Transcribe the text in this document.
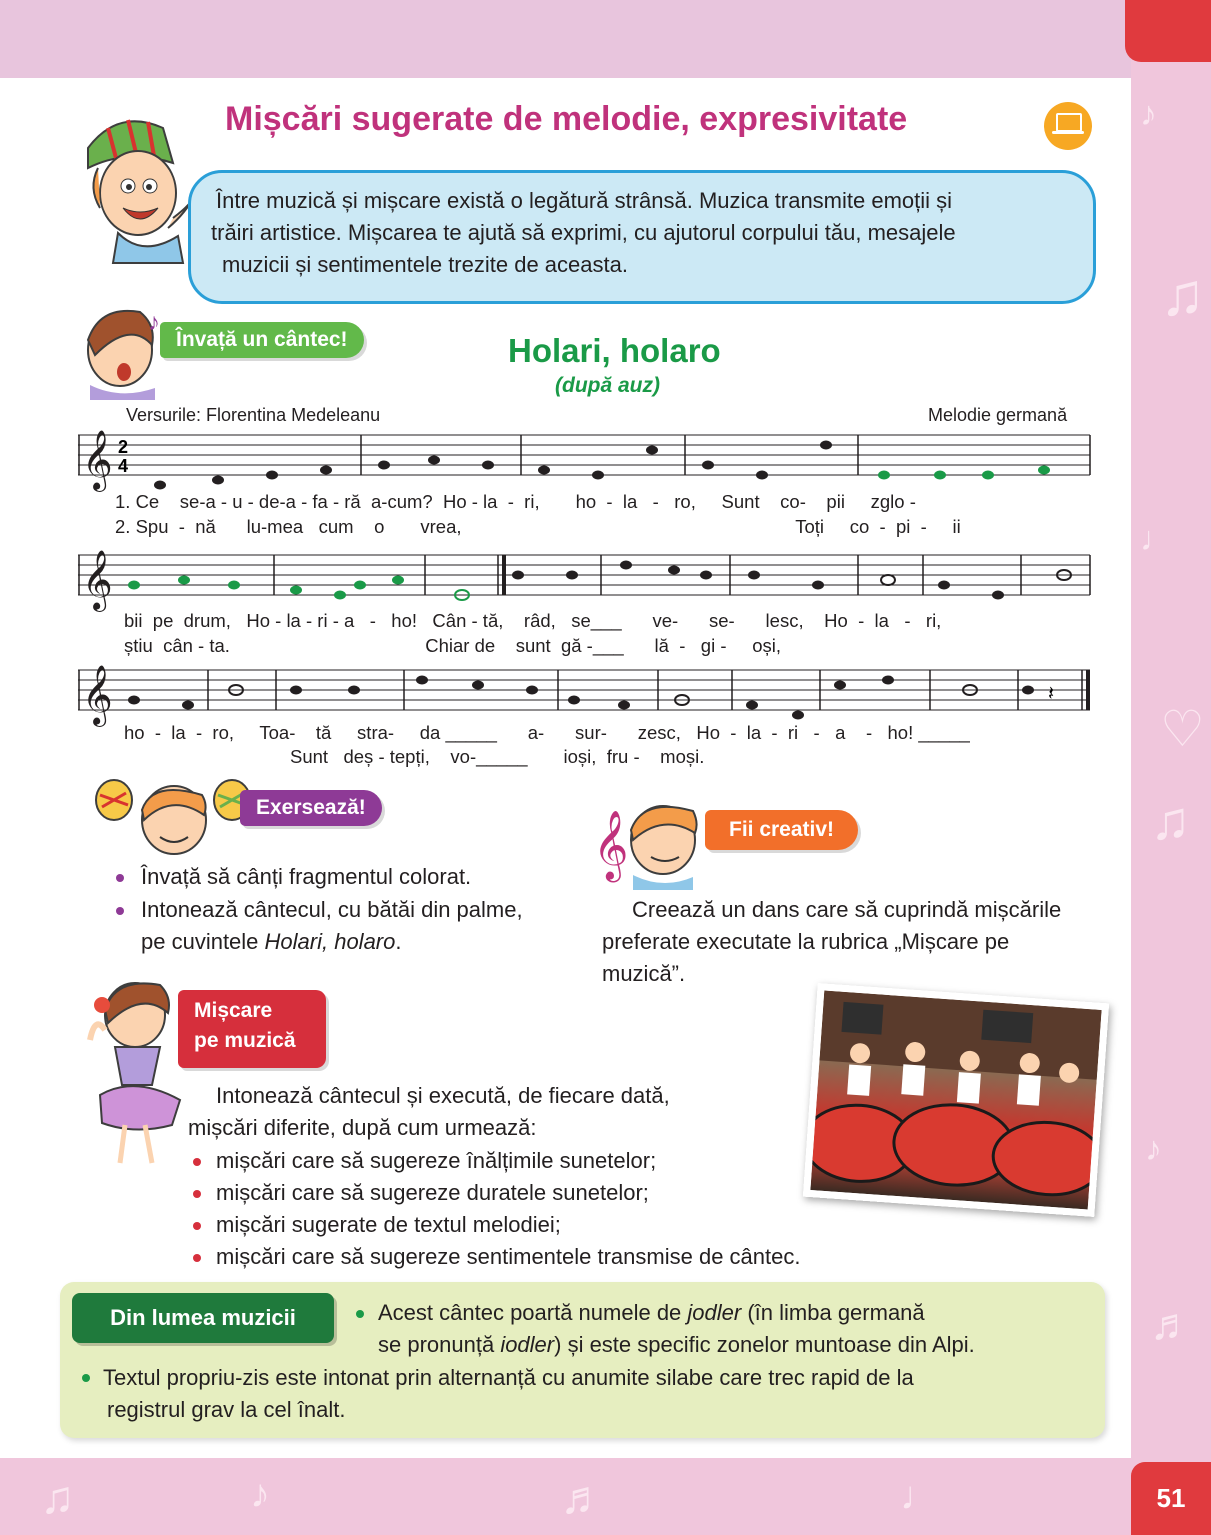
♪
♫
♩
♡
♫
♪
♬
♫	♪	♬	♩	51
Mișcări sugerate de melodie, expresivitate
Între muzică și mișcare există o legătură strânsă. Muzica transmite emoții și
trăiri artistice. Mișcarea te ajută să exprimi, cu ajutorul corpului tău, mesajele
muzicii și sentimentele trezite de aceasta.
♪
Învață un cântec!	Holari, holaro
(după auz)
Versurile: Florentina Medeleanu	Melodie germană
𝄞 2
4
1. Ce    se-a - u - de-a - fa - ră  a-cum?  Ho - la  -  ri,       ho  -  la   -   ro,     Sunt    co-    pii     zglo -
2. Spu  -  nă      lu-mea   cum    o       vrea,                                                                 Toți     co  -  pi  -     ii
𝄞
bii  pe  drum,   Ho - la - ri - a   -   ho!   Cân - tă,    râd,   se___      ve-      se-      lesc,    Ho  -  la   -   ri,
știu  cân - ta.                                      Chiar de    sunt  gă -___      lă  -   gi -     oși,
𝄞	𝄽
ho  -  la  -  ro,     Toa-    tă     stra-     da _____      a-      sur-      zesc,   Ho  -  la  -  ri   -   a    -   ho! _____
Sunt   deș - tepți,    vo-_____       ioși,  fru -    moși.
Exersează!
Învață să cânți fragmentul colorat.
Intonează cântecul, cu bătăi din palme,
pe cuvintele Holari, holaro.
𝄞	Fii creativ!
Creează un dans care să cuprindă mișcările
preferate executate la rubrica „Mișcare pe
muzică”.
Mișcare
pe muzică
Intonează cântecul și execută, de fiecare dată,
mișcări diferite, după cum urmează:
mișcări care să sugereze înălțimile sunetelor;
mișcări care să sugereze duratele sunetelor;
mișcări sugerate de textul melodiei;
mișcări care să sugereze sentimentele transmise de cântec.
Din lumea muzicii	Acest cântec poartă numele de jodler (în limba germană
se pronunță iodler) și este specific zonelor muntoase din Alpi.
Textul propriu-zis este intonat prin alternanță cu anumite silabe care trec rapid de la
registrul grav la cel înalt.
